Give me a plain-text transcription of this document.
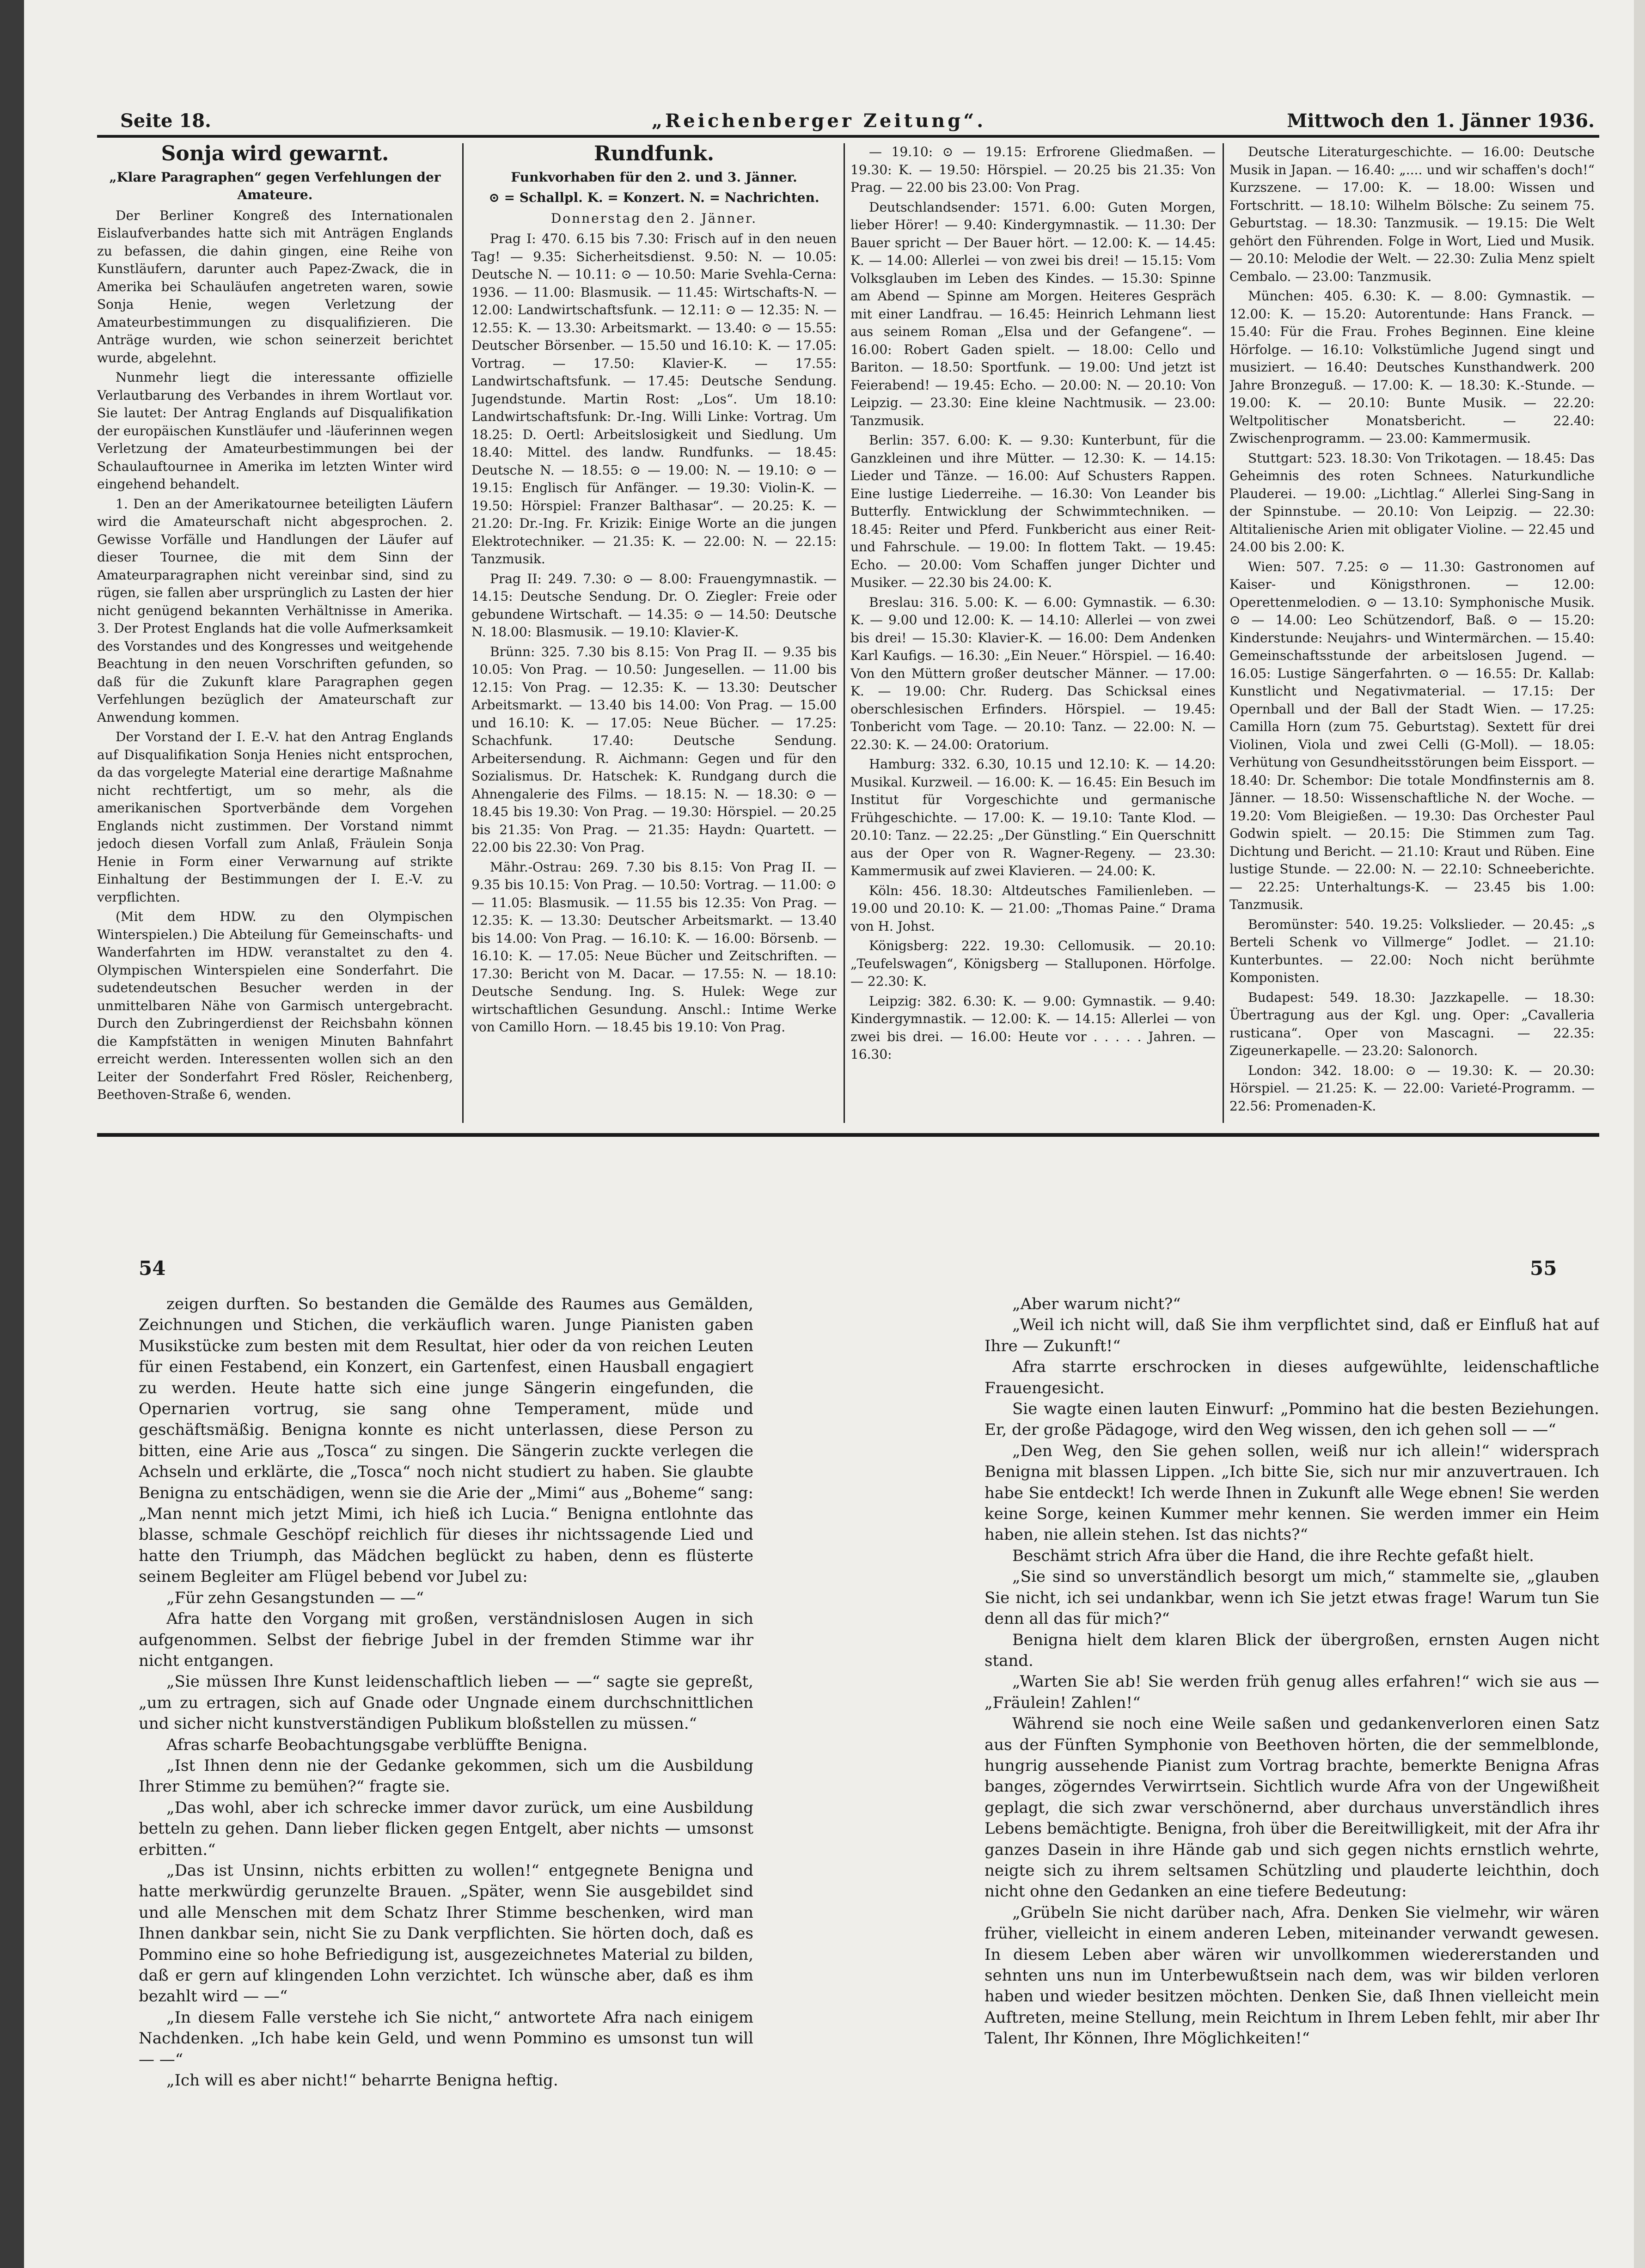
Seite 18.	„Reichenberger Zeitung“.	Mittwoch den 1. Jänner 1936.
Sonja wird gewarnt.
„Klare Paragraphen“ gegen Verfehlungen der Amateure.

Der Berliner Kongreß des Internationalen Eislaufverbandes hatte sich mit Anträgen Englands zu befassen, die dahin gingen, eine Reihe von Kunstläufern, darunter auch Papez-Zwack, die in Amerika bei Schauläufen angetreten waren, sowie Sonja Henie, wegen Verletzung der Amateurbestimmungen zu disqualifizieren. Die Anträge wurden, wie schon seinerzeit berichtet wurde, abgelehnt.

Nunmehr liegt die interessante offizielle Verlautbarung des Verbandes in ihrem Wortlaut vor. Sie lautet: Der Antrag Englands auf Disqualifikation der europäischen Kunstläufer und -läuferinnen wegen Verletzung der Amateurbestimmungen bei der Schaulauftournee in Amerika im letzten Winter wird eingehend behandelt.

1. Den an der Amerikatournee beteiligten Läufern wird die Amateurschaft nicht abgesprochen. 2. Gewisse Vorfälle und Handlungen der Läufer auf dieser Tournee, die mit dem Sinn der Amateurparagraphen nicht vereinbar sind, sind zu rügen, sie fallen aber ursprünglich zu Lasten der hier nicht genügend bekannten Verhältnisse in Amerika. 3. Der Protest Englands hat die volle Aufmerksamkeit des Vorstandes und des Kongresses und weitgehende Beachtung in den neuen Vorschriften gefunden, so daß für die Zukunft klare Paragraphen gegen Verfehlungen bezüglich der Amateurschaft zur Anwendung kommen.

Der Vorstand der I. E.-V. hat den Antrag Englands auf Disqualifikation Sonja Henies nicht entsprochen, da das vorgelegte Material eine derartige Maßnahme nicht rechtfertigt, um so mehr, als die amerikanischen Sportverbände dem Vorgehen Englands nicht zustimmen. Der Vorstand nimmt jedoch diesen Vorfall zum Anlaß, Fräulein Sonja Henie in Form einer Verwarnung auf strikte Einhaltung der Bestimmungen der I. E.-V. zu verpflichten.

(Mit dem HDW. zu den Olympischen Winterspielen.) Die Abteilung für Gemeinschafts- und Wanderfahrten im HDW. veranstaltet zu den 4. Olympischen Winterspielen eine Sonderfahrt. Die sudetendeutschen Besucher werden in der unmittelbaren Nähe von Garmisch untergebracht. Durch den Zubringerdienst der Reichsbahn können die Kampfstätten in wenigen Minuten Bahnfahrt erreicht werden. Interessenten wollen sich an den Leiter der Sonderfahrt Fred Rösler, Reichenberg, Beethoven-Straße 6, wenden.

Rundfunk.
Funkvorhaben für den 2. und 3. Jänner.
⊙ = Schallpl. K. = Konzert. N. = Nachrichten.
Donnerstag den 2. Jänner.

Prag I: 470. 6.15 bis 7.30: Frisch auf in den neuen Tag! — 9.35: Sicherheitsdienst. 9.50: N. — 10.05: Deutsche N. — 10.11: ⊙ — 10.50: Marie Svehla-Cerna: 1936. — 11.00: Blasmusik. — 11.45: Wirtschafts-N. — 12.00: Landwirtschaftsfunk. — 12.11: ⊙ — 12.35: N. — 12.55: K. — 13.30: Arbeitsmarkt. — 13.40: ⊙ — 15.55: Deutscher Börsenber. — 15.50 und 16.10: K. — 17.05: Vortrag. — 17.50: Klavier-K. — 17.55: Landwirtschaftsfunk. — 17.45: Deutsche Sendung. Jugendstunde. Martin Rost: „Los“. Um 18.10: Landwirtschaftsfunk: Dr.-Ing. Willi Linke: Vortrag. Um 18.25: D. Oertl: Arbeitslosigkeit und Siedlung. Um 18.40: Mittel. des landw. Rundfunks. — 18.45: Deutsche N. — 18.55: ⊙ — 19.00: N. — 19.10: ⊙ — 19.15: Englisch für Anfänger. — 19.30: Violin-K. — 19.50: Hörspiel: Franzer Balthasar“. — 20.25: K. — 21.20: Dr.-Ing. Fr. Krizik: Einige Worte an die jungen Elektrotechniker. — 21.35: K. — 22.00: N. — 22.15: Tanzmusik.

Prag II: 249. 7.30: ⊙ — 8.00: Frauengymnastik. — 14.15: Deutsche Sendung. Dr. O. Ziegler: Freie oder gebundene Wirtschaft. — 14.35: ⊙ — 14.50: Deutsche N. 18.00: Blasmusik. — 19.10: Klavier-K.

Brünn: 325. 7.30 bis 8.15: Von Prag II. — 9.35 bis 10.05: Von Prag. — 10.50: Jungesellen. — 11.00 bis 12.15: Von Prag. — 12.35: K. — 13.30: Deutscher Arbeitsmarkt. — 13.40 bis 14.00: Von Prag. — 15.00 und 16.10: K. — 17.05: Neue Bücher. — 17.25: Schachfunk. 17.40: Deutsche Sendung. Arbeitersendung. R. Aichmann: Gegen und für den Sozialismus. Dr. Hatschek: K. Rundgang durch die Ahnengalerie des Films. — 18.15: N. — 18.30: ⊙ — 18.45 bis 19.30: Von Prag. — 19.30: Hörspiel. — 20.25 bis 21.35: Von Prag. — 21.35: Haydn: Quartett. — 22.00 bis 22.30: Von Prag.

Mähr.-Ostrau: 269. 7.30 bis 8.15: Von Prag II. — 9.35 bis 10.15: Von Prag. — 10.50: Vortrag. — 11.00: ⊙ — 11.05: Blasmusik. — 11.55 bis 12.35: Von Prag. — 12.35: K. — 13.30: Deutscher Arbeitsmarkt. — 13.40 bis 14.00: Von Prag. — 16.10: K. — 16.00: Börsenb. — 16.10: K. — 17.05: Neue Bücher und Zeitschriften. — 17.30: Bericht von M. Dacar. — 17.55: N. — 18.10: Deutsche Sendung. Ing. S. Hulek: Wege zur wirtschaftlichen Gesundung. Anschl.: Intime Werke von Camillo Horn. — 18.45 bis 19.10: Von Prag.

— 19.10: ⊙ — 19.15: Erfrorene Gliedmaßen. — 19.30: K. — 19.50: Hörspiel. — 20.25 bis 21.35: Von Prag. — 22.00 bis 23.00: Von Prag.

Deutschlandsender: 1571. 6.00: Guten Morgen, lieber Hörer! — 9.40: Kindergymnastik. — 11.30: Der Bauer spricht — Der Bauer hört. — 12.00: K. — 14.45: K. — 14.00: Allerlei — von zwei bis drei! — 15.15: Vom Volksglauben im Leben des Kindes. — 15.30: Spinne am Abend — Spinne am Morgen. Heiteres Gespräch mit einer Landfrau. — 16.45: Heinrich Lehmann liest aus seinem Roman „Elsa und der Gefangene“. — 16.00: Robert Gaden spielt. — 18.00: Cello und Bariton. — 18.50: Sportfunk. — 19.00: Und jetzt ist Feierabend! — 19.45: Echo. — 20.00: N. — 20.10: Von Leipzig. — 23.30: Eine kleine Nachtmusik. — 23.00: Tanzmusik.

Berlin: 357. 6.00: K. — 9.30: Kunterbunt, für die Ganzkleinen und ihre Mütter. — 12.30: K. — 14.15: Lieder und Tänze. — 16.00: Auf Schusters Rappen. Eine lustige Liederreihe. — 16.30: Von Leander bis Butterfly. Entwicklung der Schwimmtechniken. — 18.45: Reiter und Pferd. Funkbericht aus einer Reit- und Fahrschule. — 19.00: In flottem Takt. — 19.45: Echo. — 20.00: Vom Schaffen junger Dichter und Musiker. — 22.30 bis 24.00: K.

Breslau: 316. 5.00: K. — 6.00: Gymnastik. — 6.30: K. — 9.00 und 12.00: K. — 14.10: Allerlei — von zwei bis drei! — 15.30: Klavier-K. — 16.00: Dem Andenken Karl Kaufigs. — 16.30: „Ein Neuer.“ Hörspiel. — 16.40: Von den Müttern großer deutscher Männer. — 17.00: K. — 19.00: Chr. Ruderg. Das Schicksal eines oberschlesischen Erfinders. Hörspiel. — 19.45: Tonbericht vom Tage. — 20.10: Tanz. — 22.00: N. — 22.30: K. — 24.00: Oratorium.

Hamburg: 332. 6.30, 10.15 und 12.10: K. — 14.20: Musikal. Kurzweil. — 16.00: K. — 16.45: Ein Besuch im Institut für Vorgeschichte und germanische Frühgeschichte. — 17.00: K. — 19.10: Tante Klod. — 20.10: Tanz. — 22.25: „Der Günstling.“ Ein Querschnitt aus der Oper von R. Wagner-Regeny. — 23.30: Kammermusik auf zwei Klavieren. — 24.00: K.

Köln: 456. 18.30: Altdeutsches Familienleben. — 19.00 und 20.10: K. — 21.00: „Thomas Paine.“ Drama von H. Johst.

Königsberg: 222. 19.30: Cellomusik. — 20.10: „Teufelswagen“, Königsberg — Stalluponen. Hörfolge. — 22.30: K.

Leipzig: 382. 6.30: K. — 9.00: Gymnastik. — 9.40: Kindergymnastik. — 12.00: K. — 14.15: Allerlei — von zwei bis drei. — 16.00: Heute vor . . . . . Jahren. — 16.30:

Deutsche Literaturgeschichte. — 16.00: Deutsche Musik in Japan. — 16.40: „.... und wir schaffen's doch!“ Kurzszene. — 17.00: K. — 18.00: Wissen und Fortschritt. — 18.10: Wilhelm Bölsche: Zu seinem 75. Geburtstag. — 18.30: Tanzmusik. — 19.15: Die Welt gehört den Führenden. Folge in Wort, Lied und Musik. — 20.10: Melodie der Welt. — 22.30: Zulia Menz spielt Cembalo. — 23.00: Tanzmusik.

München: 405. 6.30: K. — 8.00: Gymnastik. — 12.00: K. — 15.20: Autorentunde: Hans Franck. — 15.40: Für die Frau. Frohes Beginnen. Eine kleine Hörfolge. — 16.10: Volkstümliche Jugend singt und musiziert. — 16.40: Deutsches Kunsthandwerk. 200 Jahre Bronzeguß. — 17.00: K. — 18.30: K.-Stunde. — 19.00: K. — 20.10: Bunte Musik. — 22.20: Weltpolitischer Monatsbericht. — 22.40: Zwischenprogramm. — 23.00: Kammermusik.

Stuttgart: 523. 18.30: Von Trikotagen. — 18.45: Das Geheimnis des roten Schnees. Naturkundliche Plauderei. — 19.00: „Lichtlag.“ Allerlei Sing-Sang in der Spinnstube. — 20.10: Von Leipzig. — 22.30: Altitalienische Arien mit obligater Violine. — 22.45 und 24.00 bis 2.00: K.

Wien: 507. 7.25: ⊙ — 11.30: Gastronomen auf Kaiser- und Königsthronen. — 12.00: Operettenmelodien. ⊙ — 13.10: Symphonische Musik. ⊙ — 14.00: Leo Schützendorf, Baß. ⊙ — 15.20: Kinderstunde: Neujahrs- und Wintermärchen. — 15.40: Gemeinschaftsstunde der arbeitslosen Jugend. — 16.05: Lustige Sängerfahrten. ⊙ — 16.55: Dr. Kallab: Kunstlicht und Negativmaterial. — 17.15: Der Opernball und der Ball der Stadt Wien. — 17.25: Camilla Horn (zum 75. Geburtstag). Sextett für drei Violinen, Viola und zwei Celli (G-Moll). — 18.05: Verhütung von Gesundheitsstörungen beim Eissport. — 18.40: Dr. Schembor: Die totale Mondfinsternis am 8. Jänner. — 18.50: Wissenschaftliche N. der Woche. — 19.20: Vom Bleigießen. — 19.30: Das Orchester Paul Godwin spielt. — 20.15: Die Stimmen zum Tag. Dichtung und Bericht. — 21.10: Kraut und Rüben. Eine lustige Stunde. — 22.00: N. — 22.10: Schneeberichte. — 22.25: Unterhaltungs-K. — 23.45 bis 1.00: Tanzmusik.

Beromünster: 540. 19.25: Volkslieder. — 20.45: „s Berteli Schenk vo Villmerge“ Jodlet. — 21.10: Kunterbuntes. — 22.00: Noch nicht berühmte Komponisten.

Budapest: 549. 18.30: Jazzkapelle. — 18.30: Übertragung aus der Kgl. ung. Oper: „Cavalleria rusticana“. Oper von Mascagni. — 22.35: Zigeunerkapelle. — 23.20: Salonorch.

London: 342. 18.00: ⊙ — 19.30: K. — 20.30: Hörspiel. — 21.25: K. — 22.00: Varieté-Programm. — 22.56: Promenaden-K.

54	55

zeigen durften. So bestanden die Gemälde des Raumes aus Gemälden, Zeichnungen und Stichen, die verkäuflich waren. Junge Pianisten gaben Musikstücke zum besten mit dem Resultat, hier oder da von reichen Leuten für einen Festabend, ein Konzert, ein Gartenfest, einen Hausball engagiert zu werden. Heute hatte sich eine junge Sängerin eingefunden, die Opernarien vortrug, sie sang ohne Temperament, müde und geschäftsmäßig. Benigna konnte es nicht unterlassen, diese Person zu bitten, eine Arie aus „Tosca“ zu singen. Die Sängerin zuckte verlegen die Achseln und erklärte, die „Tosca“ noch nicht studiert zu haben. Sie glaubte Benigna zu entschädigen, wenn sie die Arie der „Mimi“ aus „Boheme“ sang: „Man nennt mich jetzt Mimi, ich hieß ich Lucia.“ Benigna entlohnte das blasse, schmale Geschöpf reichlich für dieses ihr nichtssagende Lied und hatte den Triumph, das Mädchen beglückt zu haben, denn es flüsterte seinem Begleiter am Flügel bebend vor Jubel zu:

„Für zehn Gesangstunden — —“

Afra hatte den Vorgang mit großen, verständnislosen Augen in sich aufgenommen. Selbst der fiebrige Jubel in der fremden Stimme war ihr nicht entgangen.

„Sie müssen Ihre Kunst leidenschaftlich lieben — —“ sagte sie gepreßt, „um zu ertragen, sich auf Gnade oder Ungnade einem durchschnittlichen und sicher nicht kunstverständigen Publikum bloßstellen zu müssen.“

Afras scharfe Beobachtungsgabe verblüffte Benigna.

„Ist Ihnen denn nie der Gedanke gekommen, sich um die Ausbildung Ihrer Stimme zu bemühen?“ fragte sie.

„Das wohl, aber ich schrecke immer davor zurück, um eine Ausbildung betteln zu gehen. Dann lieber flicken gegen Entgelt, aber nichts — umsonst erbitten.“

„Das ist Unsinn, nichts erbitten zu wollen!“ entgegnete Benigna und hatte merkwürdig gerunzelte Brauen. „Später, wenn Sie ausgebildet sind und alle Menschen mit dem Schatz Ihrer Stimme beschenken, wird man Ihnen dankbar sein, nicht Sie zu Dank verpflichten. Sie hörten doch, daß es Pommino eine so hohe Befriedigung ist, ausgezeichnetes Material zu bilden, daß er gern auf klingenden Lohn verzichtet. Ich wünsche aber, daß es ihm bezahlt wird — —“

„In diesem Falle verstehe ich Sie nicht,“ antwortete Afra nach einigem Nachdenken. „Ich habe kein Geld, und wenn Pommino es umsonst tun will — —“

„Ich will es aber nicht!“ beharrte Benigna heftig.

„Aber warum nicht?“

„Weil ich nicht will, daß Sie ihm verpflichtet sind, daß er Einfluß hat auf Ihre — Zukunft!“

Afra starrte erschrocken in dieses aufgewühlte, leidenschaftliche Frauengesicht.

Sie wagte einen lauten Einwurf: „Pommino hat die besten Beziehungen. Er, der große Pädagoge, wird den Weg wissen, den ich gehen soll — —“

„Den Weg, den Sie gehen sollen, weiß nur ich allein!“ widersprach Benigna mit blassen Lippen. „Ich bitte Sie, sich nur mir anzuvertrauen. Ich habe Sie entdeckt! Ich werde Ihnen in Zukunft alle Wege ebnen! Sie werden keine Sorge, keinen Kummer mehr kennen. Sie werden immer ein Heim haben, nie allein stehen. Ist das nichts?“

Beschämt strich Afra über die Hand, die ihre Rechte gefaßt hielt.

„Sie sind so unverständlich besorgt um mich,“ stammelte sie, „glauben Sie nicht, ich sei undankbar, wenn ich Sie jetzt etwas frage! Warum tun Sie denn all das für mich?“

Benigna hielt dem klaren Blick der übergroßen, ernsten Augen nicht stand.

„Warten Sie ab! Sie werden früh genug alles erfahren!“ wich sie aus — „Fräulein! Zahlen!“

Während sie noch eine Weile saßen und gedankenverloren einen Satz aus der Fünften Symphonie von Beethoven hörten, die der semmelblonde, hungrig aussehende Pianist zum Vortrag brachte, bemerkte Benigna Afras banges, zögerndes Verwirrtsein. Sichtlich wurde Afra von der Ungewißheit geplagt, die sich zwar verschönernd, aber durchaus unverständlich ihres Lebens bemächtigte. Benigna, froh über die Bereitwilligkeit, mit der Afra ihr ganzes Dasein in ihre Hände gab und sich gegen nichts ernstlich wehrte, neigte sich zu ihrem seltsamen Schützling und plauderte leichthin, doch nicht ohne den Gedanken an eine tiefere Bedeutung:

„Grübeln Sie nicht darüber nach, Afra. Denken Sie vielmehr, wir wären früher, vielleicht in einem anderen Leben, miteinander verwandt gewesen. In diesem Leben aber wären wir unvollkommen wiedererstanden und sehnten uns nun im Unterbewußtsein nach dem, was wir bilden verloren haben und wieder besitzen möchten. Denken Sie, daß Ihnen vielleicht mein Auftreten, meine Stellung, mein Reichtum in Ihrem Leben fehlt, mir aber Ihr Talent, Ihr Können, Ihre Möglichkeiten!“
